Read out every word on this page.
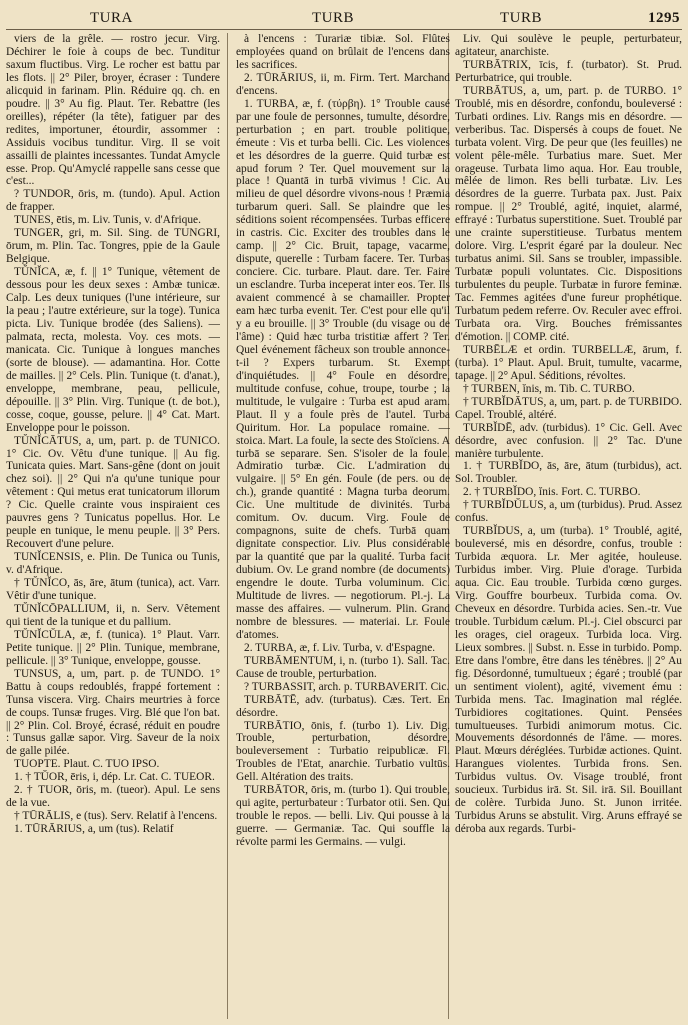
TURA	TURB	TURB	1295

viers de la grêle. — rostro jecur. Virg. Déchirer le foie à coups de bec. Tunditur saxum fluctibus. Virg. Le rocher est battu par les flots. || 2° Piler, broyer, écraser : Tundere alicquid in farinam. Plin. Réduire qq. ch. en poudre. || 3° Au fig. Plaut. Ter. Rebattre (les oreilles), répéter (la tête), fatiguer par des redites, importuner, étourdir, assommer : Assiduis vocibus tunditur. Virg. Il se voit assailli de plaintes incessantes. Tundat Amycle esse. Prop. Qu'Amyclé rappelle sans cesse que c'est...

? TUNDOR, ōris, m. (tundo). Apul. Action de frapper.

TUNES, ētis, m. Liv. Tunis, v. d'Afrique.

TUNGER, gri, m. Sil. Sing. de TUNGRI, ōrum, m. Plin. Tac. Tongres, ppie de la Gaule Belgique.

TŬNĬCA, æ, f. || 1° Tunique, vêtement de dessous pour les deux sexes : Ambæ tunicæ. Calp. Les deux tuniques (l'une intérieure, sur la peau ; l'autre extérieure, sur la toge). Tunica picta. Liv. Tunique brodée (des Saliens). — palmata, recta, molesta. Voy. ces mots. — manicata. Cic. Tunique à longues manches (sorte de blouse). — adamantina. Hor. Cotte de mailles. || 2° Cels. Plin. Tunique (t. d'anat.), enveloppe, membrane, peau, pellicule, dépouille. || 3° Plin. Virg. Tunique (t. de bot.), cosse, coque, gousse, pelure. || 4° Cat. Mart. Enveloppe pour le poisson.

TŬNĬCĀTUS, a, um, part. p. de TUNICO. 1° Cic. Ov. Vêtu d'une tunique. || Au fig. Tunicata quies. Mart. Sans-gêne (dont on jouit chez soi). || 2° Qui n'a qu'une tunique pour vêtement : Qui metus erat tunicatorum illorum ? Cic. Quelle crainte vous inspiraient ces pauvres gens ? Tunicatus popellus. Hor. Le peuple en tunique, le menu peuple. || 3° Pers. Recouvert d'une pelure.

TUNĬCENSIS, e. Plin. De Tunica ou Tunis, v. d'Afrique.

† TŬNĬCO, ās, āre, ātum (tunica), act. Varr. Vêtir d'une tunique.

TŬNĬCŌPALLIUM, ii, n. Serv. Vêtement qui tient de la tunique et du pallium.

TŬNĬCŬLA, æ, f. (tunica). 1° Plaut. Varr. Petite tunique. || 2° Plin. Tunique, membrane, pellicule. || 3° Tunique, enveloppe, gousse.

TUNSUS, a, um, part. p. de TUNDO. 1° Battu à coups redoublés, frappé fortement : Tunsa viscera. Virg. Chairs meurtries à force de coups. Tunsæ fruges. Virg. Blé que l'on bat. || 2° Plin. Col. Broyé, écrasé, réduit en poudre : Tunsus gallæ sapor. Virg. Saveur de la noix de galle pilée.

TUOPTE. Plaut. C. TUO IPSO.

1. † TŬOR, ēris, i, dép. Lr. Cat. C. TUEOR.

2. † TUOR, ōris, m. (tueor). Apul. Le sens de la vue.

† TŪRĀLIS, e (tus). Serv. Relatif à l'encens.

1. TŪRĀRIUS, a, um (tus). Relatif

à l'encens : Turariæ tibiæ. Sol. Flûtes employées quand on brûlait de l'encens dans les sacrifices.

2. TŪRĀRIUS, ii, m. Firm. Tert. Marchand d'encens.

1. TURBA, æ, f. (τύρβη). 1° Trouble causé par une foule de personnes, tumulte, désordre, perturbation ; en part. trouble politique, émeute : Vis et turba belli. Cic. Les violences et les désordres de la guerre. Quid turbæ est apud forum ? Ter. Quel mouvement sur la place ! Quantā in turbā vivimus ! Cic. Au milieu de quel désordre vivons-nous ! Præmia turbarum queri. Sall. Se plaindre que les séditions soient récompensées. Turbas efficere in castris. Cic. Exciter des troubles dans le camp. || 2° Cic. Bruit, tapage, vacarme, dispute, querelle : Turbam facere. Ter. Turbas conciere. Cic. turbare. Plaut. dare. Ter. Faire un esclandre. Turba inceperat inter eos. Ter. Ils avaient commencé à se chamailler. Propter eam hæc turba evenit. Ter. C'est pour elle qu'il y a eu brouille. || 3° Trouble (du visage ou de l'âme) : Quid hæc turba tristitiæ affert ? Ter. Quel événement fâcheux son trouble annonce-t-il ? Expers turbarum. St. Exempt d'inquiétudes. || 4° Foule en désordre, multitude confuse, cohue, troupe, tourbe ; la multitude, le vulgaire : Turba est apud aram. Plaut. Il y a foule près de l'autel. Turba Quiritum. Hor. La populace romaine. — stoica. Mart. La foule, la secte des Stoïciens. A turbā se separare. Sen. S'isoler de la foule. Admiratio turbæ. Cic. L'admiration du vulgaire. || 5° En gén. Foule (de pers. ou de ch.), grande quantité : Magna turba deorum. Cic. Une multitude de divinités. Turba comitum. Ov. ducum. Virg. Foule de compagnons, suite de chefs. Turbā quam dignitate conspectior. Liv. Plus considérable par la quantité que par la qualité. Turba facit dubium. Ov. Le grand nombre (de documents) engendre le doute. Turba voluminum. Cic. Multitude de livres. — negotiorum. Pl.-j. La masse des affaires. — vulnerum. Plin. Grand nombre de blessures. — materiai. Lr. Foule d'atomes.

2. TURBA, æ, f. Liv. Turba, v. d'Espagne.

TURBĀMENTUM, i, n. (turbo 1). Sall. Tac. Cause de trouble, perturbation.

? TURBASSIT, arch. p. TURBAVERIT. Cic.

TURBĀTĒ, adv. (turbatus). Cæs. Tert. En désordre.

TURBĀTIO, ōnis, f. (turbo 1). Liv. Dig. Trouble, perturbation, désordre, bouleversement : Turbatio reipublicæ. Fl. Troubles de l'Etat, anarchie. Turbatio vultūs. Gell. Altération des traits.

TURBĀTOR, ōris, m. (turbo 1). Qui trouble, qui agite, perturbateur : Turbator otii. Sen. Qui trouble le repos. — belli. Liv. Qui pousse à la guerre. — Germaniæ. Tac. Qui souffle la révolte parmi les Germains. — vulgi.

Liv. Qui soulève le peuple, perturbateur, agitateur, anarchiste.

TURBĀTRIX, īcis, f. (turbator). St. Prud. Perturbatrice, qui trouble.

TURBĀTUS, a, um, part. p. de TURBO. 1° Troublé, mis en désordre, confondu, bouleversé : Turbati ordines. Liv. Rangs mis en désordre. — verberibus. Tac. Dispersés à coups de fouet. Ne turbata volent. Virg. De peur que (les feuilles) ne volent pêle-mêle. Turbatius mare. Suet. Mer orageuse. Turbata limo aqua. Hor. Eau trouble, mêlée de limon. Res belli turbatæ. Liv. Les désordres de la guerre. Turbata pax. Just. Paix rompue. || 2° Troublé, agité, inquiet, alarmé, effrayé : Turbatus superstitione. Suet. Troublé par une crainte superstitieuse. Turbatus mentem dolore. Virg. L'esprit égaré par la douleur. Nec turbatus animi. Sil. Sans se troubler, impassible. Turbatæ populi voluntates. Cic. Dispositions turbulentes du peuple. Turbatæ in furore feminæ. Tac. Femmes agitées d'une fureur prophétique. Turbatum pedem referre. Ov. Reculer avec effroi. Turbata ora. Virg. Bouches frémissantes d'émotion. || COMP. cité.

TURBĒLÆ et ordin. TURBELLÆ, ārum, f. (turba). 1° Plaut. Apul. Bruit, tumulte, vacarme, tapage. || 2° Apul. Séditions, révoltes.

† TURBEN, ĭnis, m. Tib. C. TURBO.

† TURBĬDĀTUS, a, um, part. p. de TURBIDO. Capel. Troublé, altéré.

TURBĬDĒ, adv. (turbidus). 1° Cic. Gell. Avec désordre, avec confusion. || 2° Tac. D'une manière turbulente.

1. † TURBĬDO, ās, āre, ātum (turbidus), act. Sol. Troubler.

2. † TURBĬDO, ĭnis. Fort. C. TURBO.

† TURBĬDŬLUS, a, um (turbidus). Prud. Assez confus.

TURBĬDUS, a, um (turba). 1° Troublé, agité, bouleversé, mis en désordre, confus, trouble : Turbida æquora. Lr. Mer agitée, houleuse. Turbidus imber. Virg. Pluie d'orage. Turbida aqua. Cic. Eau trouble. Turbida cœno gurges. Virg. Gouffre bourbeux. Turbida coma. Ov. Cheveux en désordre. Turbida acies. Sen.-tr. Vue trouble. Turbidum cælum. Pl.-j. Ciel obscurci par les orages, ciel orageux. Turbida loca. Virg. Lieux sombres. || Subst. n. Esse in turbido. Pomp. Etre dans l'ombre, être dans les ténèbres. || 2° Au fig. Désordonné, tumultueux ; égaré ; troublé (par un sentiment violent), agité, vivement ému : Turbida mens. Tac. Imagination mal réglée. Turbidiores cogitationes. Quint. Pensées tumultueuses. Turbidi animorum motus. Cic. Mouvements désordonnés de l'âme. — mores. Plaut. Mœurs déréglées. Turbidæ actiones. Quint. Harangues violentes. Turbida frons. Sen. Turbidus vultus. Ov. Visage troublé, front soucieux. Turbidus irā. St. Sil. irā. Sil. Bouillant de colère. Turbida Juno. St. Junon irritée. Turbidus Aruns se abstulit. Virg. Aruns effrayé se déroba aux regards. Turbi-
